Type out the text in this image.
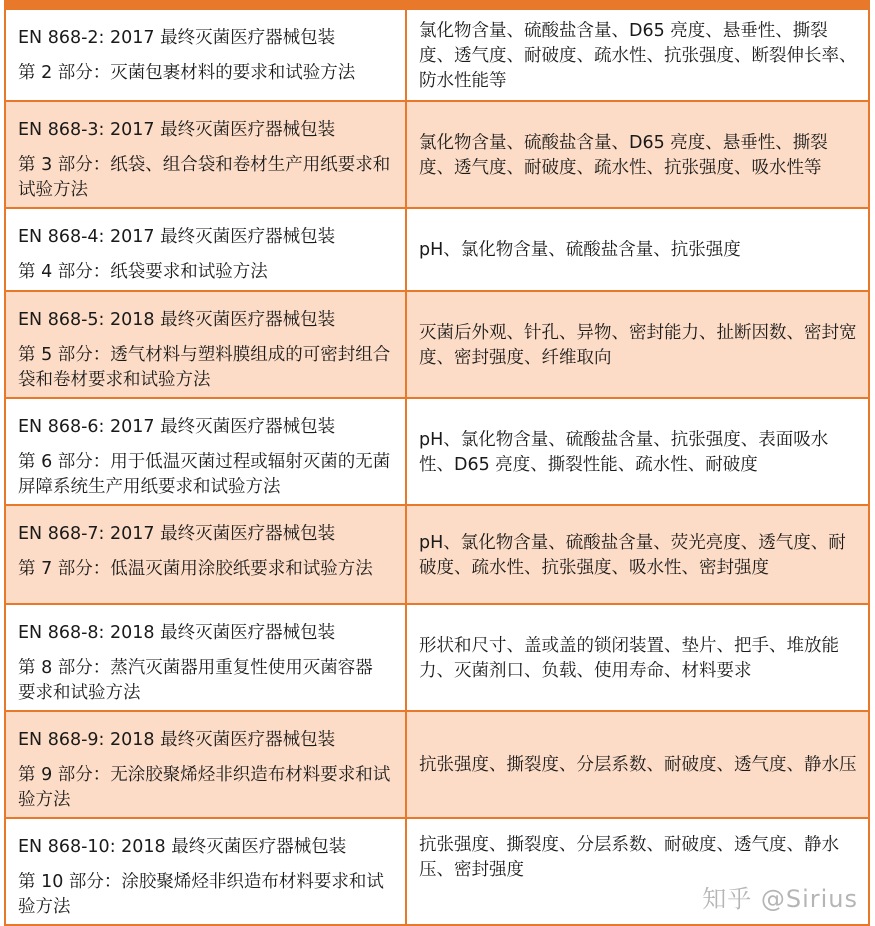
EN 868-2: 2017 最终灭菌医疗器械包装
第 2 部分：灭菌包裹材料的要求和试验方法	氯化物含量、硫酸盐含量、D65 亮度、悬垂性、撕裂度、透气度、耐破度、疏水性、抗张强度、断裂伸长率、防水性能等

EN 868-3: 2017 最终灭菌医疗器械包装
第 3 部分：纸袋、组合袋和卷材生产用纸要求和试验方法	氯化物含量、硫酸盐含量、D65 亮度、悬垂性、撕裂度、透气度、耐破度、疏水性、抗张强度、吸水性等

EN 868-4: 2017 最终灭菌医疗器械包装
第 4 部分：纸袋要求和试验方法	pH、氯化物含量、硫酸盐含量、抗张强度

EN 868-5: 2018 最终灭菌医疗器械包装
第 5 部分：透气材料与塑料膜组成的可密封组合袋和卷材要求和试验方法	灭菌后外观、针孔、异物、密封能力、扯断因数、密封宽度、密封强度、纤维取向

EN 868-6: 2017 最终灭菌医疗器械包装
第 6 部分：用于低温灭菌过程或辐射灭菌的无菌屏障系统生产用纸要求和试验方法	pH、氯化物含量、硫酸盐含量、抗张强度、表面吸水性、D65 亮度、撕裂性能、疏水性、耐破度

EN 868-7: 2017 最终灭菌医疗器械包装
第 7 部分：低温灭菌用涂胶纸要求和试验方法	pH、氯化物含量、硫酸盐含量、荧光亮度、透气度、耐破度、疏水性、抗张强度、吸水性、密封强度

EN 868-8: 2018 最终灭菌医疗器械包装
第 8 部分：蒸汽灭菌器用重复性使用灭菌容器 要求和试验方法	形状和尺寸、盖或盖的锁闭装置、垫片、把手、堆放能力、灭菌剂口、负载、使用寿命、材料要求

EN 868-9: 2018 最终灭菌医疗器械包装
第 9 部分：无涂胶聚烯烃非织造布材料要求和试验方法	抗张强度、撕裂度、分层系数、耐破度、透气度、静水压

EN 868-10: 2018 最终灭菌医疗器械包装
第 10 部分：涂胶聚烯烃非织造布材料要求和试验方法	抗张强度、撕裂度、分层系数、耐破度、透气度、静水压、密封强度
知乎 @Sirius
